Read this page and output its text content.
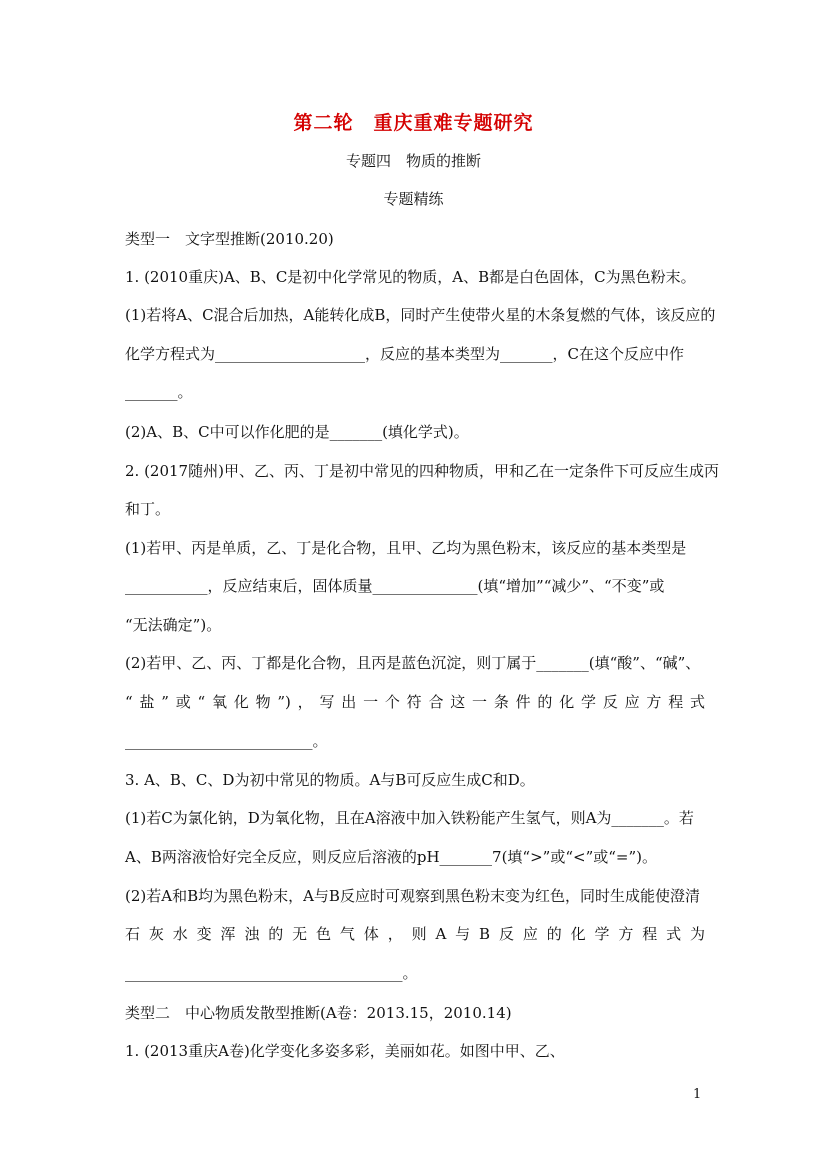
第二轮　重庆重难专题研究
专题四　物质的推断
专题精练
类型一　文字型推断(2010.20)
1. (2010重庆)A、B、C是初中化学常见的物质，A、B都是白色固体，C为黑色粉末。
(1)若将A、C混合后加热，A能转化成B，同时产生使带火星的木条复燃的气体，该反应的
化学方程式为____________________，反应的基本类型为_______，C在这个反应中作
_______。
(2)A、B、C中可以作化肥的是_______(填化学式)。
2. (2017随州)甲、乙、丙、丁是初中常见的四种物质，甲和乙在一定条件下可反应生成丙
和丁。
(1)若甲、丙是单质，乙、丁是化合物，且甲、乙均为黑色粉末，该反应的基本类型是
___________，反应结束后，固体质量______________(填“增加”“减少”、“不变”或
“无法确定”)。
(2)若甲、乙、丙、丁都是化合物，且丙是蓝色沉淀，则丁属于_______(填“酸”、“碱”、
“盐”或“氧化物”)，写出一个符合这一条件的化学反应方程式
_________________________。
3. A、B、C、D为初中常见的物质。A与B可反应生成C和D。
(1)若C为氯化钠，D为氧化物，且在A溶液中加入铁粉能产生氢气，则A为_______。若
A、B两溶液恰好完全反应，则反应后溶液的pH_______7(填“>”或“<”或“=”)。
(2)若A和B均为黑色粉末，A与B反应时可观察到黑色粉末变为红色，同时生成能使澄清
石灰水变浑浊的无色气体，则A与B反应的化学方程式为
_____________________________________。
类型二　中心物质发散型推断(A卷：2013.15，2010.14)
1. (2013重庆A卷)化学变化多姿多彩，美丽如花。如图中甲、乙、
1
